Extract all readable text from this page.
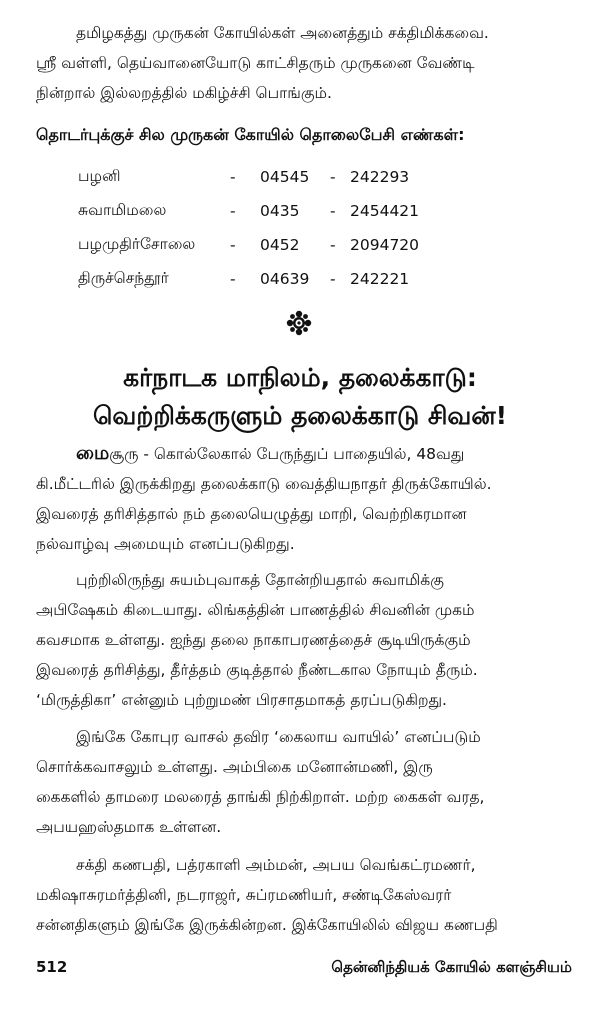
தமிழகத்து முருகன் கோயில்கள் அனைத்தும் சக்திமிக்கவை.
ஸ்ரீ வள்ளி, தெய்வானையோடு காட்சிதரும் முருகனை வேண்டி
நின்றால் இல்லறத்தில் மகிழ்ச்சி பொங்கும்.
தொடர்புக்குச் சில முருகன் கோயில் தொலைபேசி எண்கள்:
பழனி	-	04545	- 242293
சுவாமிமலை	-	0435	- 2454421
பழமுதிர்சோலை	-	0452	- 2094720
திருச்செந்தூர்	-	04639	- 242221
கர்நாடக மாநிலம், தலைக்காடு:
வெற்றிக்கருளும் தலைக்காடு சிவன்!
மைசூரு - கொல்லேகால் பேருந்துப் பாதையில், 48வது
கி.மீட்டரில் இருக்கிறது தலைக்காடு வைத்தியநாதர் திருக்கோயில்.
இவரைத் தரிசித்தால் நம் தலையெழுத்து மாறி, வெற்றிகரமான
நல்வாழ்வு அமையும் எனப்படுகிறது.
புற்றிலிருந்து சுயம்புவாகத் தோன்றியதால் சுவாமிக்கு
அபிஷேகம் கிடையாது. லிங்கத்தின் பாணத்தில் சிவனின் முகம்
கவசமாக உள்ளது. ஐந்து தலை நாகாபரணத்தைச் சூடியிருக்கும்
இவரைத் தரிசித்து, தீர்த்தம் குடித்தால் நீண்டகால நோயும் தீரும்.
‘மிருத்திகா’ என்னும் புற்றுமண் பிரசாதமாகத் தரப்படுகிறது.
இங்கே கோபுர வாசல் தவிர ‘கைலாய வாயில்’ எனப்படும்
சொர்க்கவாசலும் உள்ளது. அம்பிகை மனோன்மணி, இரு
கைகளில் தாமரை மலரைத் தாங்கி நிற்கிறாள். மற்ற கைகள் வரத,
அபயஹஸ்தமாக உள்ளன.
சக்தி கணபதி, பத்ரகாளி அம்மன், அபய வெங்கட்ரமணர்,
மகிஷாசுரமர்த்தினி, நடராஜர், சுப்ரமணியர், சண்டிகேஸ்வரர்
சன்னதிகளும் இங்கே இருக்கின்றன. இக்கோயிலில் விஜய கணபதி
512	தென்னிந்தியக் கோயில் களஞ்சியம்
